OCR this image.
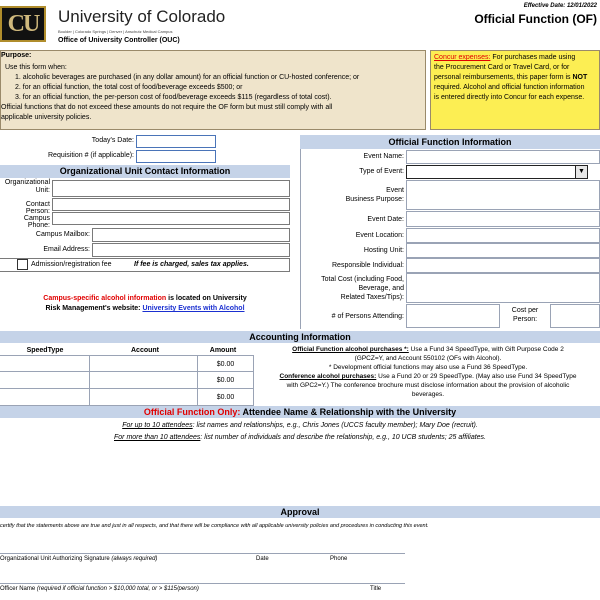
CU	University of Colorado
Boulder | Colorado Springs | Denver | Anschutz Medical Campus
Office of University Controller (OUC)
Effective Date: 12/01/2022
Official Function (OF)
Purpose:
Use this form when:
1. alcoholic beverages are purchased (in any dollar amount) for an official function or CU-hosted conference; or
2. for an official function, the total cost of food/beverage exceeds $500; or
3. for an official function, the per-person cost of food/beverage exceeds $115 (regardless of total cost).
Official functions that do not exceed these amounts do not require the OF form but must still comply with all
applicable university policies.
Concur expenses: For purchases made using
the Procurement Card or Travel Card, or for
personal reimbursements, this paper form is NOT
required. Alcohol and official function information
is entered directly into Concur for each expense.
Today's Date:
Requisition # (if applicable):
Organizational Unit Contact Information
Organizational Unit:
Contact Person:
Campus Phone:
Campus Mailbox:
Email Address:
Admission/registration fee	If fee is charged, sales tax applies.
Campus-specific alcohol information is located on University
Risk Management's website: University Events with Alcohol
Official Function Information
Event Name:
Type of Event:	▼
Event
Business Purpose:
Event Date:
Event Location:
Hosting Unit:
Responsible Individual:
Total Cost (including Food,
Beverage, and
Related Taxes/Tips):
# of Persons Attending:
Cost per
Person:
Accounting Information
SpeedType	Account	Amount
$0.00
$0.00
$0.00
Official Function alcohol purchases *: Use a Fund 34 SpeedType, with Gift Purpose Code 2
(GPCZ=Y, and Account 550102 (OFs with Alcohol).
* Development official functions may also use a Fund 36 SpeedType.
Conference alcohol purchases: Use a Fund 20 or 29 SpeedType. (May also use Fund 34 SpeedType
with GPC2=Y.) The conference brochure must disclose information about the provision of alcoholic
beverages.
Official Function Only: Attendee Name & Relationship with the University
For up to 10 attendees: list names and relationships, e.g., Chris Jones (UCCS faculty member); Mary Doe (recruit).
For more than 10 attendees: list number of individuals and describe the relationship, e.g., 10 UCB students; 25 affiliates.
Approval
certify that the statements above are true and just in all respects, and that there will be compliance with all applicable university policies and procedures in conducting this event.
Organizational Unit Authorizing Signature (always required)	Date	Phone
Officer Name (required if official function > $10,000 total, or > $115/person)	Title
